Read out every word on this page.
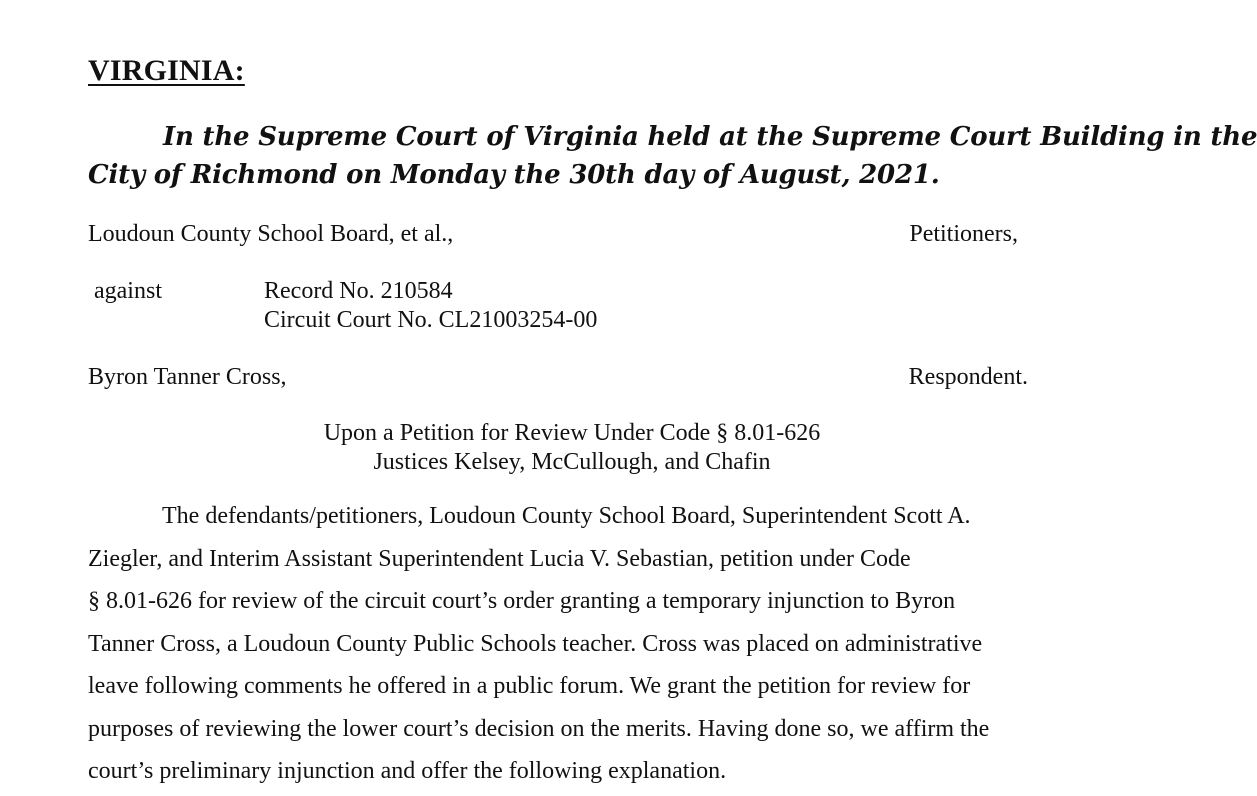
VIRGINIA:
In the Supreme Court of Virginia held at the Supreme Court Building in the
City of Richmond on Monday the 30th day of August, 2021.
Loudoun County School Board, et al.,	Petitioners,
against	Record No. 210584
Circuit Court No. CL21003254-00
Byron Tanner Cross,	Respondent.
Upon a Petition for Review Under Code § 8.01-626
Justices Kelsey, McCullough, and Chafin
The defendants/petitioners, Loudoun County School Board, Superintendent Scott A.
Ziegler, and Interim Assistant Superintendent Lucia V. Sebastian, petition under Code
§ 8.01-626 for review of the circuit court’s order granting a temporary injunction to Byron
Tanner Cross, a Loudoun County Public Schools teacher. Cross was placed on administrative
leave following comments he offered in a public forum. We grant the petition for review for
purposes of reviewing the lower court’s decision on the merits. Having done so, we affirm the
court’s preliminary injunction and offer the following explanation.
